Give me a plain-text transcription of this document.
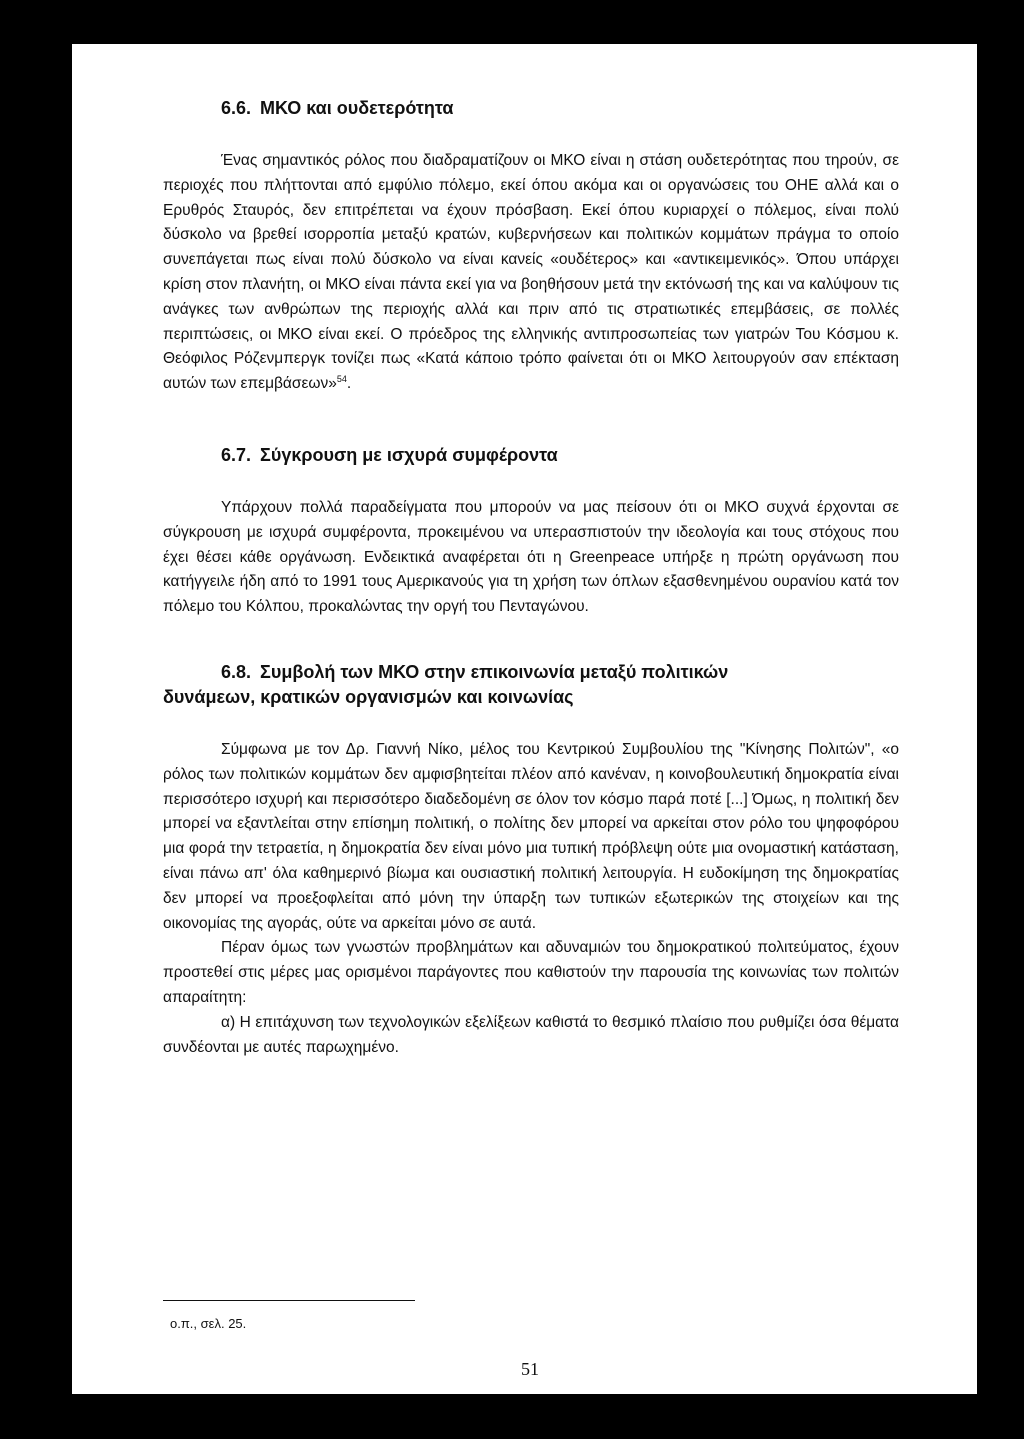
6.6. ΜΚΟ και ουδετερότητα

Ένας σημαντικός ρόλος που διαδραματίζουν οι ΜΚΟ είναι η στάση ουδετερότητας που τηρούν, σε περιοχές που πλήττονται από εμφύλιο πόλεμο, εκεί όπου ακόμα και οι οργανώσεις του ΟΗΕ αλλά και ο Ερυθρός Σταυρός, δεν επιτρέπεται να έχουν πρόσβαση. Εκεί όπου κυριαρχεί ο πόλεμος, είναι πολύ δύσκολο να βρεθεί ισορροπία μεταξύ κρατών, κυβερνήσεων και πολιτικών κομμάτων πράγμα το οποίο συνεπάγεται πως είναι πολύ δύσκολο να είναι κανείς «ουδέτερος» και «αντικειμενικός». Όπου υπάρχει κρίση στον πλανήτη, οι ΜΚΟ είναι πάντα εκεί για να βοηθήσουν μετά την εκτόνωσή της και να καλύψουν τις ανάγκες των ανθρώπων της περιοχής αλλά και πριν από τις στρατιωτικές επεμβάσεις, σε πολλές περιπτώσεις, οι ΜΚΟ είναι εκεί. Ο πρόεδρος της ελληνικής αντιπροσωπείας των γιατρών Του Κόσμου κ. Θεόφιλος Ρόζενμπεργκ τονίζει πως «Κατά κάποιο τρόπο φαίνεται ότι οι ΜΚΟ λειτουργούν σαν επέκταση αυτών των επεμβάσεων»$^{54}$.

6.7. Σύγκρουση με ισχυρά συμφέροντα

Υπάρχουν πολλά παραδείγματα που μπορούν να μας πείσουν ότι οι ΜΚΟ συχνά έρχονται σε σύγκρουση με ισχυρά συμφέροντα, προκειμένου να υπερασπιστούν την ιδεολογία και τους στόχους που έχει θέσει κάθε οργάνωση. Ενδεικτικά αναφέρεται ότι η Greenpeace υπήρξε η πρώτη οργάνωση που κατήγγειλε ήδη από το 1991 τους Αμερικανούς για τη χρήση των όπλων εξασθενημένου ουρανίου κατά τον πόλεμο του Κόλπου, προκαλώντας την οργή του Πενταγώνου.

6.8. Συμβολή των ΜΚΟ στην επικοινωνία μεταξύ πολιτικών
δυνάμεων, κρατικών οργανισμών και κοινωνίας

Σύμφωνα με τον Δρ. Γιαννή Νίκο, μέλος του Κεντρικού Συμβουλίου της "Κίνησης Πολιτών", «ο ρόλος των πολιτικών κομμάτων δεν αμφισβητείται πλέον από κανέναν, η κοινοβουλευτική δημοκρατία είναι περισσότερο ισχυρή και περισσότερο διαδεδομένη σε όλον τον κόσμο παρά ποτέ [...] Όμως, η πολιτική δεν μπορεί να εξαντλείται στην επίσημη πολιτική, ο πολίτης δεν μπορεί να αρκείται στον ρόλο του ψηφοφόρου μια φορά την τετραετία, η δημοκρατία δεν είναι μόνο μια τυπική πρόβλεψη ούτε μια ονομαστική κατάσταση, είναι πάνω απ' όλα καθημερινό βίωμα και ουσιαστική πολιτική λειτουργία. Η ευδοκίμηση της δημοκρατίας δεν μπορεί να προεξοφλείται από μόνη την ύπαρξη των τυπικών εξωτερικών της στοιχείων και της οικονομίας της αγοράς, ούτε να αρκείται μόνο σε αυτά.

Πέραν όμως των γνωστών προβλημάτων και αδυναμιών του δημοκρατικού πολιτεύματος, έχουν προστεθεί στις μέρες μας ορισμένοι παράγοντες που καθιστούν την παρουσία της κοινωνίας των πολιτών απαραίτητη:

α) Η επιτάχυνση των τεχνολογικών εξελίξεων καθιστά το θεσμικό πλαίσιο που ρυθμίζει όσα θέματα συνδέονται με αυτές παρωχημένο.

ο.π., σελ. 25.
51
